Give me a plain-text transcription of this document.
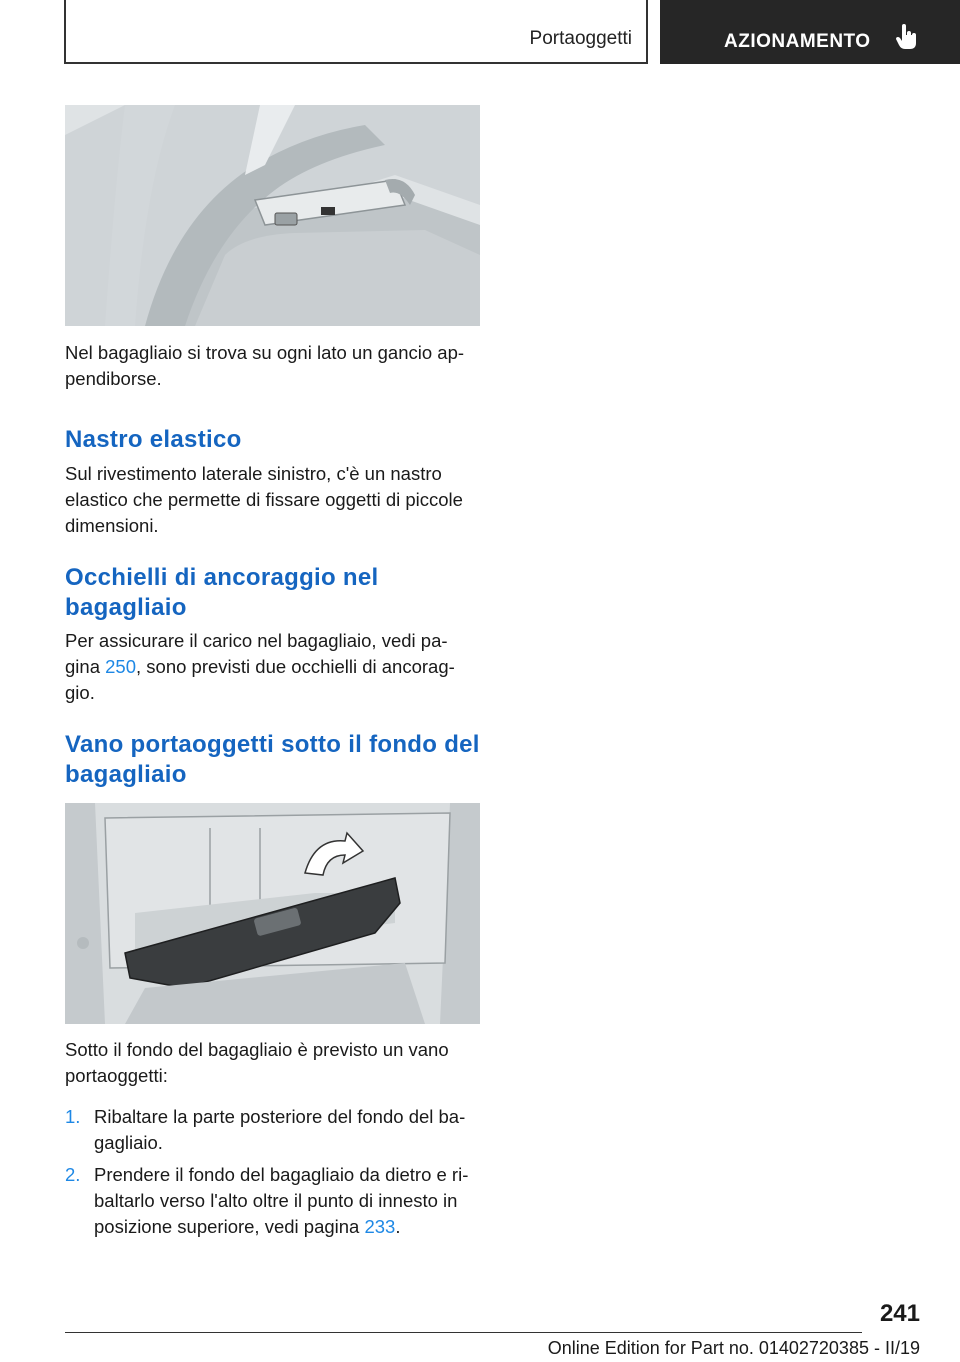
Portaoggetti	AZIONAMENTO
Nel bagagliaio si trova su ogni lato un gancio ap-
pendiborse.
Nastro elastico
Sul rivestimento laterale sinistro, c'è un nastro elastico che permette di fissare oggetti di piccole dimensioni.
Occhielli di ancoraggio nel bagagliaio
Per assicurare il carico nel bagagliaio, vedi pa-
gina 250, sono previsti due occhielli di ancorag-
gio.
Vano portaoggetti sotto il fondo del bagagliaio
Sotto il fondo del bagagliaio è previsto un vano portaoggetti:
1. Ribaltare la parte posteriore del fondo del ba-
gagliaio.
2. Prendere il fondo del bagagliaio da dietro e ri-
baltarlo verso l'alto oltre il punto di innesto in
posizione superiore, vedi pagina 233.
241
Online Edition for Part no. 01402720385 - II/19
